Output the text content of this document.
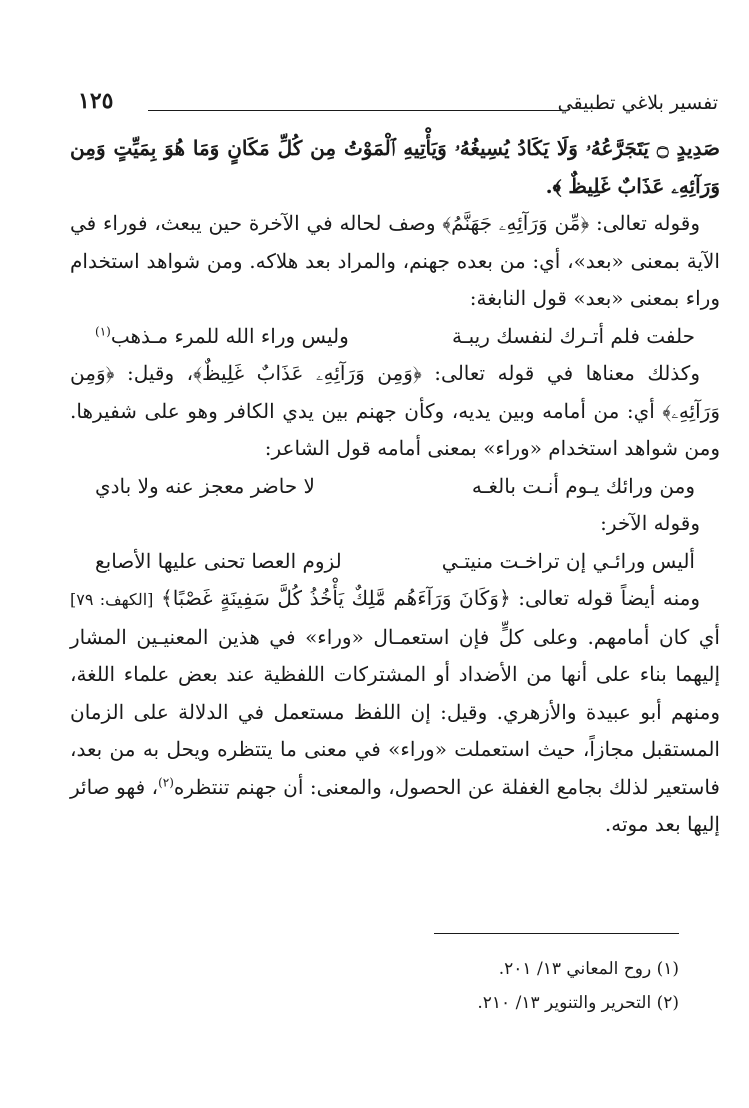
تفسير بلاغي تطبيقي
١٢٥

صَدِيدٍ ۝ يَتَجَرَّعُهُۥ وَلَا يَكَادُ يُسِيغُهُۥ وَيَأْتِيهِ ٱلْمَوْتُ مِن كُلِّ مَكَانٍ وَمَا هُوَ بِمَيِّتٍ وَمِن وَرَآئِهِۦ عَذَابٌ غَلِيظٌ ﴾.

وقوله تعالى: ﴿مِّن وَرَآئِهِۦ جَهَنَّمُ﴾ وصف لحاله في الآخرة حين يبعث، فوراء في الآية بمعنى «بعد»، أي: من بعده جهنم، والمراد بعد هلاكه. ومن شواهد استخدام وراء بمعنى «بعد» قول النابغة:

حلفت فلم أتـرك لنفسك ريبـة
وليس وراء الله للمرء مـذهب$^{(١)}$

وكذلك معناها في قوله تعالى: ﴿وَمِن وَرَآئِهِۦ عَذَابٌ غَلِيظٌ﴾، وقيل: ﴿وَمِن وَرَآئِهِۦ﴾ أي: من أمامه وبين يديه، وكأن جهنم بين يدي الكافر وهو على شفيرها. ومن شواهد استخدام «وراء» بمعنى أمامه قول الشاعر:

ومن ورائك يـوم أنـت بالغـه
لا حاضر معجز عنه ولا بادي

وقوله الآخر:

أليس ورائـي إن تراخـت منيتـي
لزوم العصا تحنى عليها الأصابع

ومنه أيضاً قوله تعالى: ﴿وَكَانَ وَرَآءَهُم مَّلِكٌ يَأْخُذُ كُلَّ سَفِينَةٍ غَصْبًا﴾ [الكهف: ٧٩] أي كان أمامهم. وعلى كلٍّ فإن استعمـال «وراء» في هذين المعنيـين المشار إليهما بناء على أنها من الأضداد أو المشتركات اللفظية عند بعض علماء اللغة، ومنهم أبو عبيدة والأزهري. وقيل: إن اللفظ مستعمل في الدلالة على الزمان المستقبل مجازاً، حيث استعملت «وراء» في معنى ما يتتظره ويحل به من بعد، فاستعير لذلك بجامع الغفلة عن الحصول، والمعنى: أن جهنم تنتظره$^{(٢)}$، فهو صائر إليها بعد موته.

(١) روح المعاني ١٣/ ٢٠١.

(٢) التحرير والتنوير ١٣/ ٢١٠.
